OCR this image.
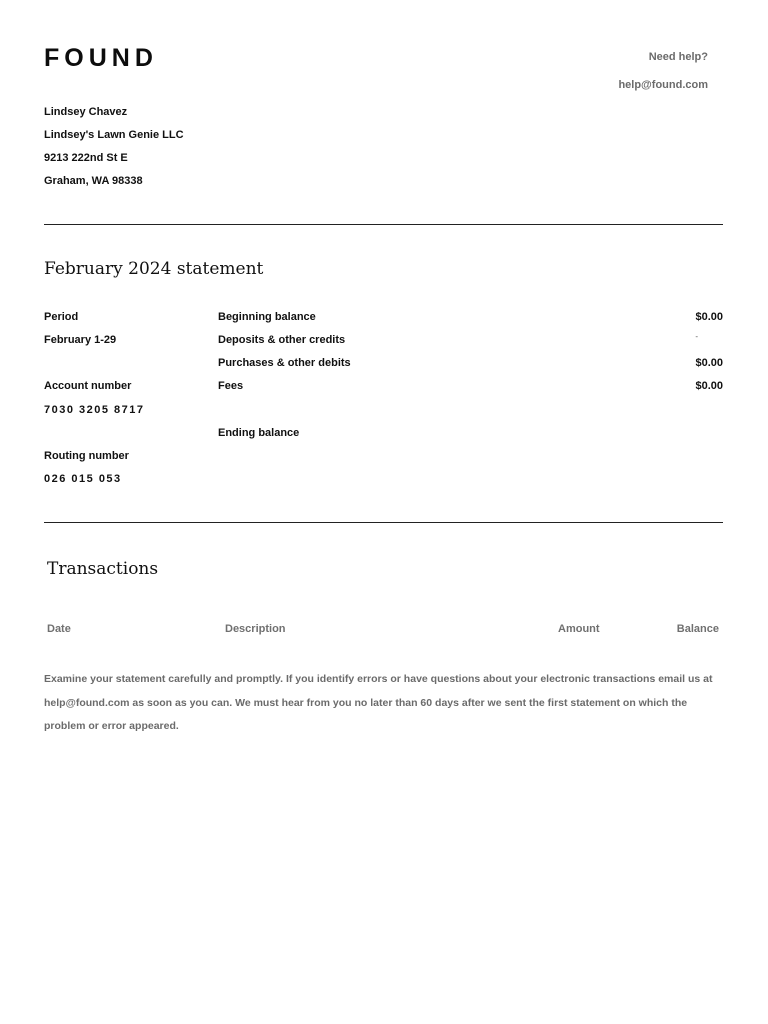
FOUND	Need help?
help@found.com
Lindsey Chavez
Lindsey's Lawn Genie LLC
9213 222nd St E
Graham, WA 98338
February 2024 statement
Period
February 1-29
Account number
7030 3205 8717
Routing number
026 015 053
Beginning balance	$0.00
Deposits & other credits	-
Purchases & other debits	$0.00
Fees	$0.00
Ending balance
Transactions
Date	Description	Amount	Balance
Examine your statement carefully and promptly. If you identify errors or have questions about your electronic transactions email us at help@found.com as soon as you can. We must hear from you no later than 60 days after we sent the first statement on which the problem or error appeared.
